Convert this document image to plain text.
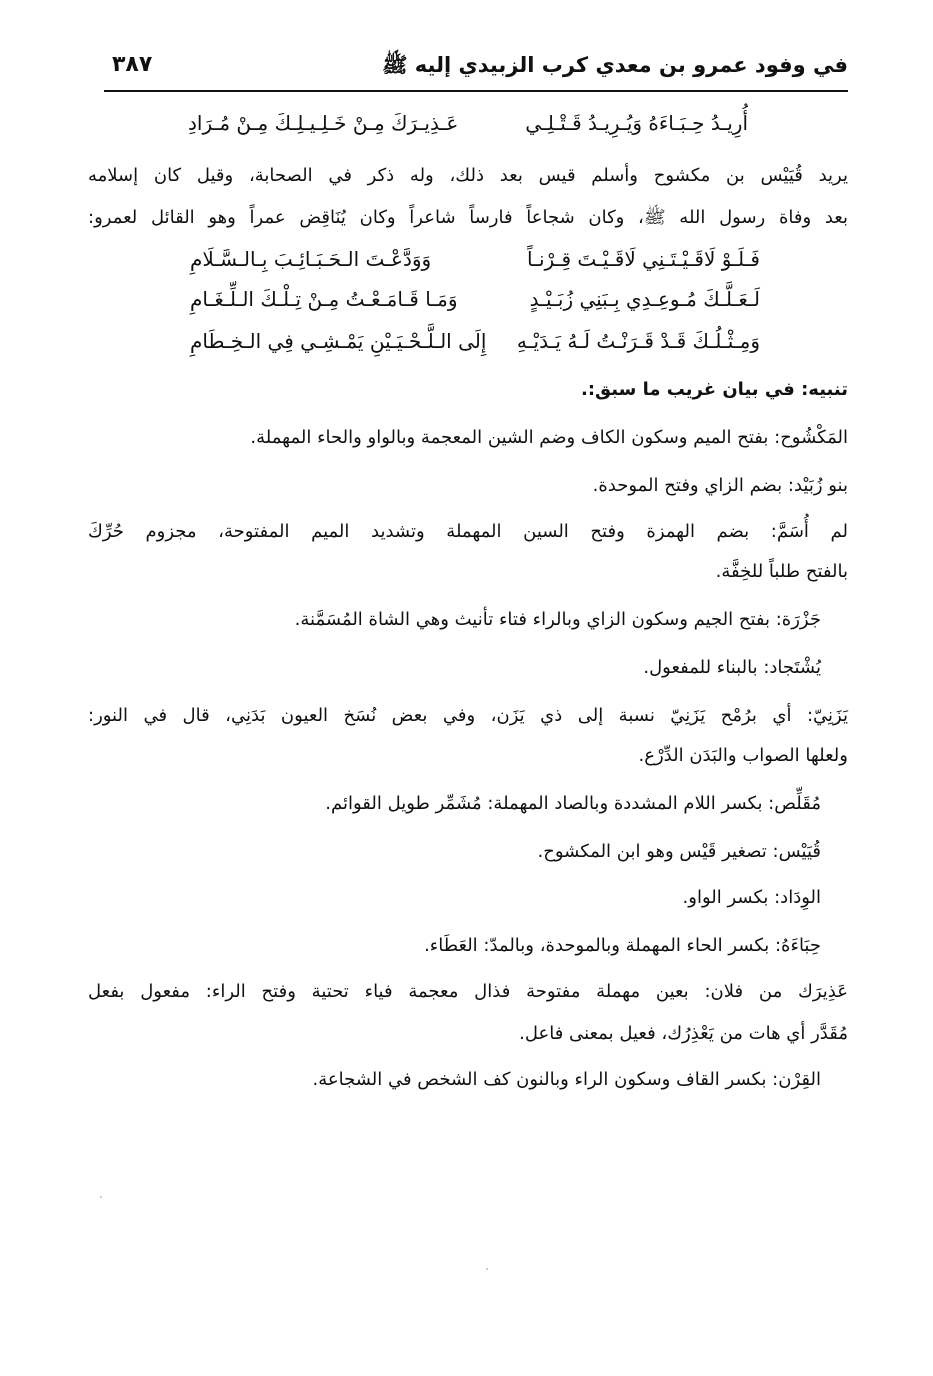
في وفود عمرو بن معدي كرب الزبيدي إليه ﷺ
٣٨٧
أُرِيـدُ حِـبَـاءَهُ وَيُـرِيـدُ قَـتْـلِـي
عَـذِيـرَكَ مِـنْ خَـلِـيـلِـكَ مِـنْ مُـرَادِ
يريد قُيَيْس بن مكشوح وأسلم قيس بعد ذلك، وله ذكر في الصحابة، وقيل كان إسلامه
بعد وفاة رسول الله ﷺ، وكان شجاعاً فارساً شاعراً وكان يُنَاقِض عمراً وهو القائل لعمرو:
فَـلَـوْ لَاقَـيْـتَـنِي لَاقَـيْـتَ قِـرْنـاً
وَوَدَّعْـتَ الـحَـبَـائِـبَ بِـالـسَّـلَامِ
لَـعَـلَّـكَ مُـوعِـدِي بِـبَنِي زُبَـيْـدٍ
وَمَـا قَـامَـعْـتُ مِـنْ تِـلْـكَ الـلِّـغَـامِ
وَمِـثْـلُـكَ قَـدْ قَـرَنْـتُ لَـهُ يَـدَيْـهِ
إِلَى الـلَّـحْـيَـيْنِ يَمْـشِـي فِي الـخِـطَامِ
تنبيه: في بيان غريب ما سبق:.
المَكْشُوح: بفتح الميم وسكون الكاف وضم الشين المعجمة وبالواو والحاء المهملة.
بنو زُبَيْد: بضم الزاي وفتح الموحدة.
لم أُسَمَّ: بضم الهمزة وفتح السين المهملة وتشديد الميم المفتوحة، مجزوم حُرِّكَ
بالفتح طلباً للخِفَّة.
جَزْرَة: بفتح الجيم وسكون الزاي وبالراء فتاء تأنيث وهي الشاة المُسَمَّنة.
يُشْتَجاد: بالبناء للمفعول.
يَزَنِيّ: أي برُمْح يَزَنِيّ نسبة إلى ذي يَزَن، وفي بعض نُسَخ العيون بَدَنِي، قال في النور:
ولعلها الصواب والبَدَن الدِّرْع.
مُقَلِّص: بكسر اللام المشددة وبالصاد المهملة: مُشَمِّر طويل القوائم.
قُيَيْس: تصغير قَيْس وهو ابن المكشوح.
الوِدَاد: بكسر الواو.
حِبَاءَهُ: بكسر الحاء المهملة وبالموحدة، وبالمدّ: العَطَاء.
عَذِيرَك من فلان: بعين مهملة مفتوحة فذال معجمة فياء تحتية وفتح الراء: مفعول بفعل
مُقَدَّر أي هات من يَعْذِرُك، فعيل بمعنى فاعل.
القِرْن: بكسر القاف وسكون الراء وبالنون كف الشخص في الشجاعة.
